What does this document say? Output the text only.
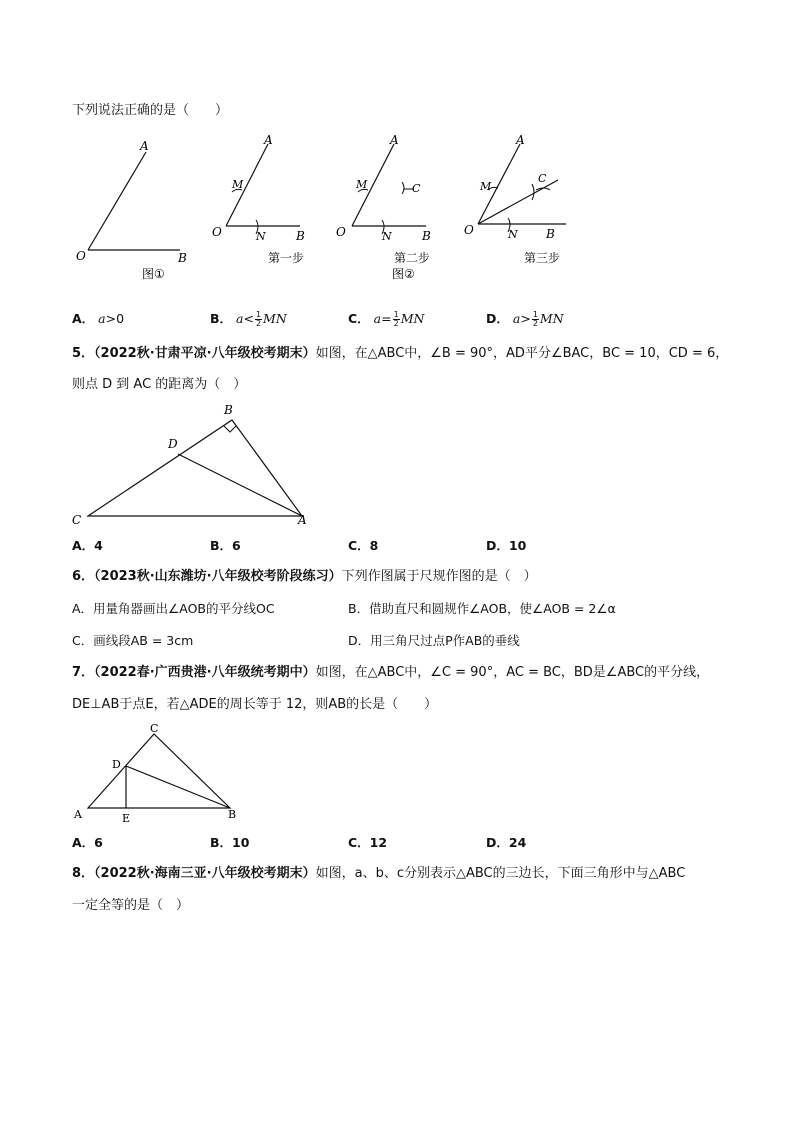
下列说法正确的是（　　）
A
O	B
图①
A
M
O	N	B
第一步
A
M	C
O	N	B
第二步
图②
A
M
C
O	N B
第三步
A． a>0	B． $a< \frac{1}{2}$ MN	C． $a= \frac{1}{2}$ MN	D． $a> \frac{1}{2}$ MN
5．（2022秋·甘肃平凉·八年级校考期末）如图，在△ABC中，∠B = 90°，AD平分∠BAC，BC = 10，CD = 6，
则点 D 到 AC 的距离为（　）
B
D
C	A
A．4	B．6	C．8	D．10
6．（2023秋·山东潍坊·八年级校考阶段练习）下列作图属于尺规作图的是（　）
A．用量角器画出∠AOB的平分线OC	B．借助直尺和圆规作∠AOB，使∠AOB = 2∠α
C．画线段AB = 3cm	D．用三角尺过点P作AB的垂线
7．（2022春·广西贵港·八年级统考期中）如图，在△ABC中，∠C = 90°，AC = BC，BD是∠ABC的平分线，
DE⊥AB于点E，若△ADE的周长等于 12，则AB的长是（　　）
C
D
A	E	B
A．6	B．10	C．12	D．24
8．（2022秋·海南三亚·八年级校考期末）如图，a、b、c分别表示△ABC的三边长，下面三角形中与△ABC
一定全等的是（　）
